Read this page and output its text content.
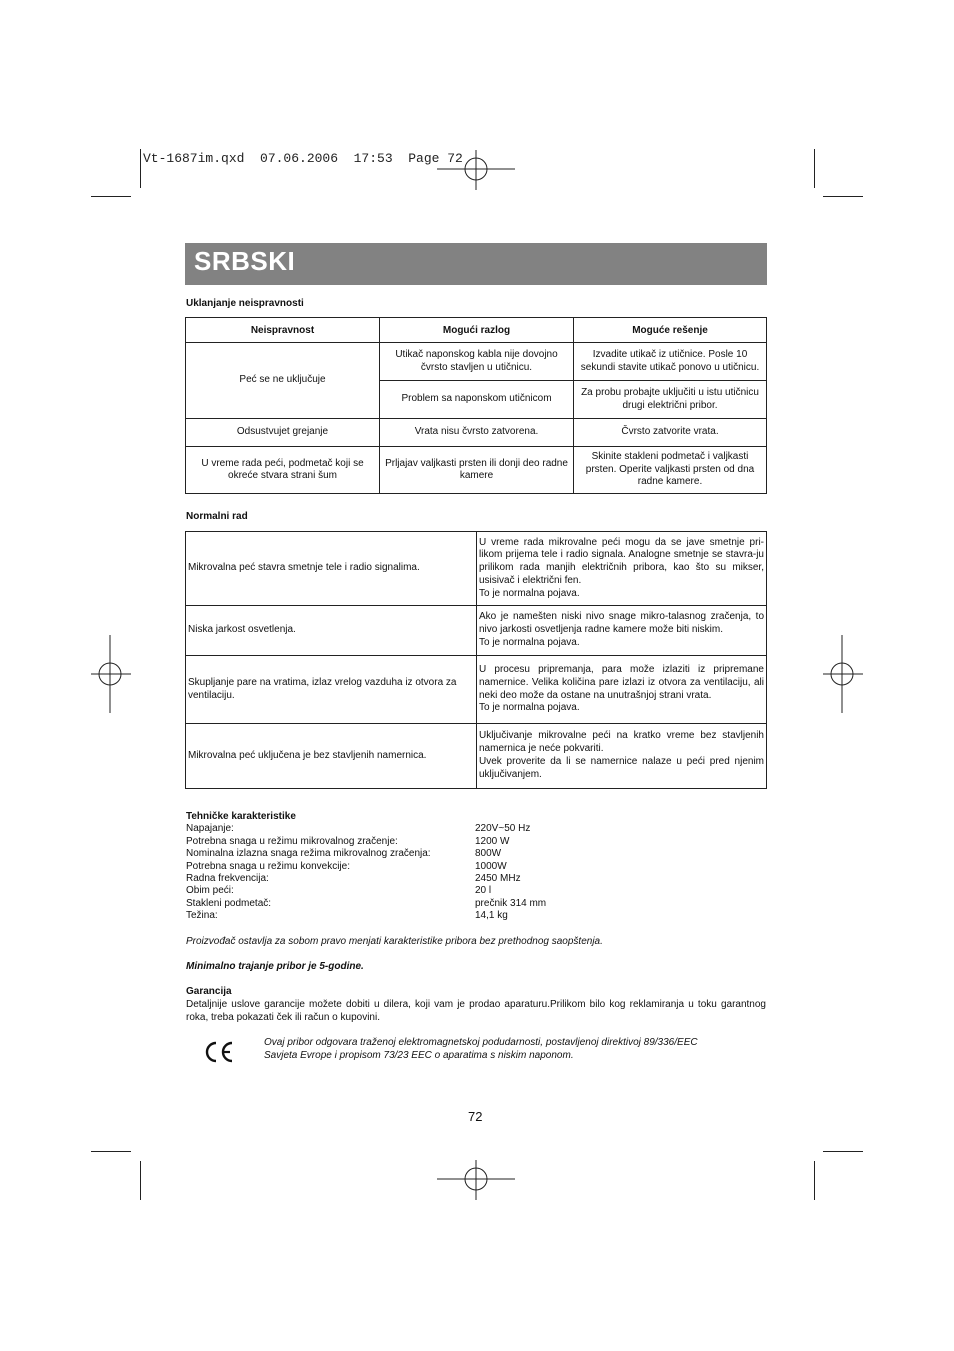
Vt-1687im.qxd  07.06.2006  17:53  Page 72
SRBSKI
Uklanjanje neispravnosti
Neispravnost	Mogući razlog	Moguće rešenje
Peć se ne uključuje	Utikač naponskog kabla nije dovojno čvrsto stavljen u utičnicu.	Izvadite utikač iz utičnice. Posle 10 sekundi stavite utikač ponovo u utičnicu.
	Problem sa naponskom utičnicom	Za probu probajte uključiti u istu utičnicu drugi električni pribor.
Odsustvujet grejanje	Vrata nisu čvrsto zatvorena.	Čvrsto zatvorite vrata.
U vreme rada peći, podmetač koji se okreće stvara strani šum	Prljajav valjkasti prsten ili donji deo radne kamere	Skinite stakleni podmetač i valjkasti prsten. Operite valjkasti prsten od dna radne kamere.
Normalni rad
Mikrovalna peć stavra smetnje tele i radio signalima.	U vreme rada mikrovalne peći mogu da se jave smetnje pri-likom prijema tele i radio signala. Analogne smetnje se stavra-ju prilikom rada manjih električnih pribora, kao što su mikser, usisivač i električni fen.
To je normalna pojava.

Niska jarkost osvetlenja.	Ako je namešten niski nivo snage mikro-talasnog zračenja, to nivo jarkosti osvetljenja radne kamere može biti niskim.
To je normalna pojava.

Skupljanje pare na vratima, izlaz vrelog vazduha iz otvora za ventilaciju.	U procesu pripremanja, para može izlaziti iz pripremane namernice. Velika količina pare izlazi iz otvora za ventilaciju, ali neki deo može da ostane na unutrašnjoj strani vrata.
To je normalna pojava.

Mikrovalna peć uključena je bez stavljenih namernica.	Uključivanje mikrovalne peći na kratko vreme bez stavljenih namernica je neće pokvariti.
Uvek proverite da li se namernice nalaze u peći pred njenim uključivanjem.
Tehničke karakteristike
Napajanje:	220V~50 Hz
Potrebna snaga u režimu mikrovalnog zračenje:	1200 W
Nominalna izlazna snaga režima mikrovalnog zračenja:	800W
Potrebna snaga u režimu konvekcije:	1000W
Radna frekvencija:	2450 MHz
Obim peći:	20 l
Stakleni podmetač:	prečnik 314 mm
Težina:	14,1 kg
Proizvođač ostavlja za sobom pravo menjati karakteristike pribora bez prethodnog saopštenja.
Minimalno trajanje pribor je 5-godine.
Garancija
Detaljnije uslove garancije možete dobiti u dilera, koji vam je prodao aparaturu.Prilikom bilo kog reklamiranja u toku garantnog roka, treba pokazati ček ili račun o kupovini.
Ovaj pribor odgovara traženoj elektromagnetskoj podudarnosti, postavljenoj direktivoj 89/336/EEC
Savjeta Evrope i propisom 73/23 EEC o aparatima s niskim naponom.
72
